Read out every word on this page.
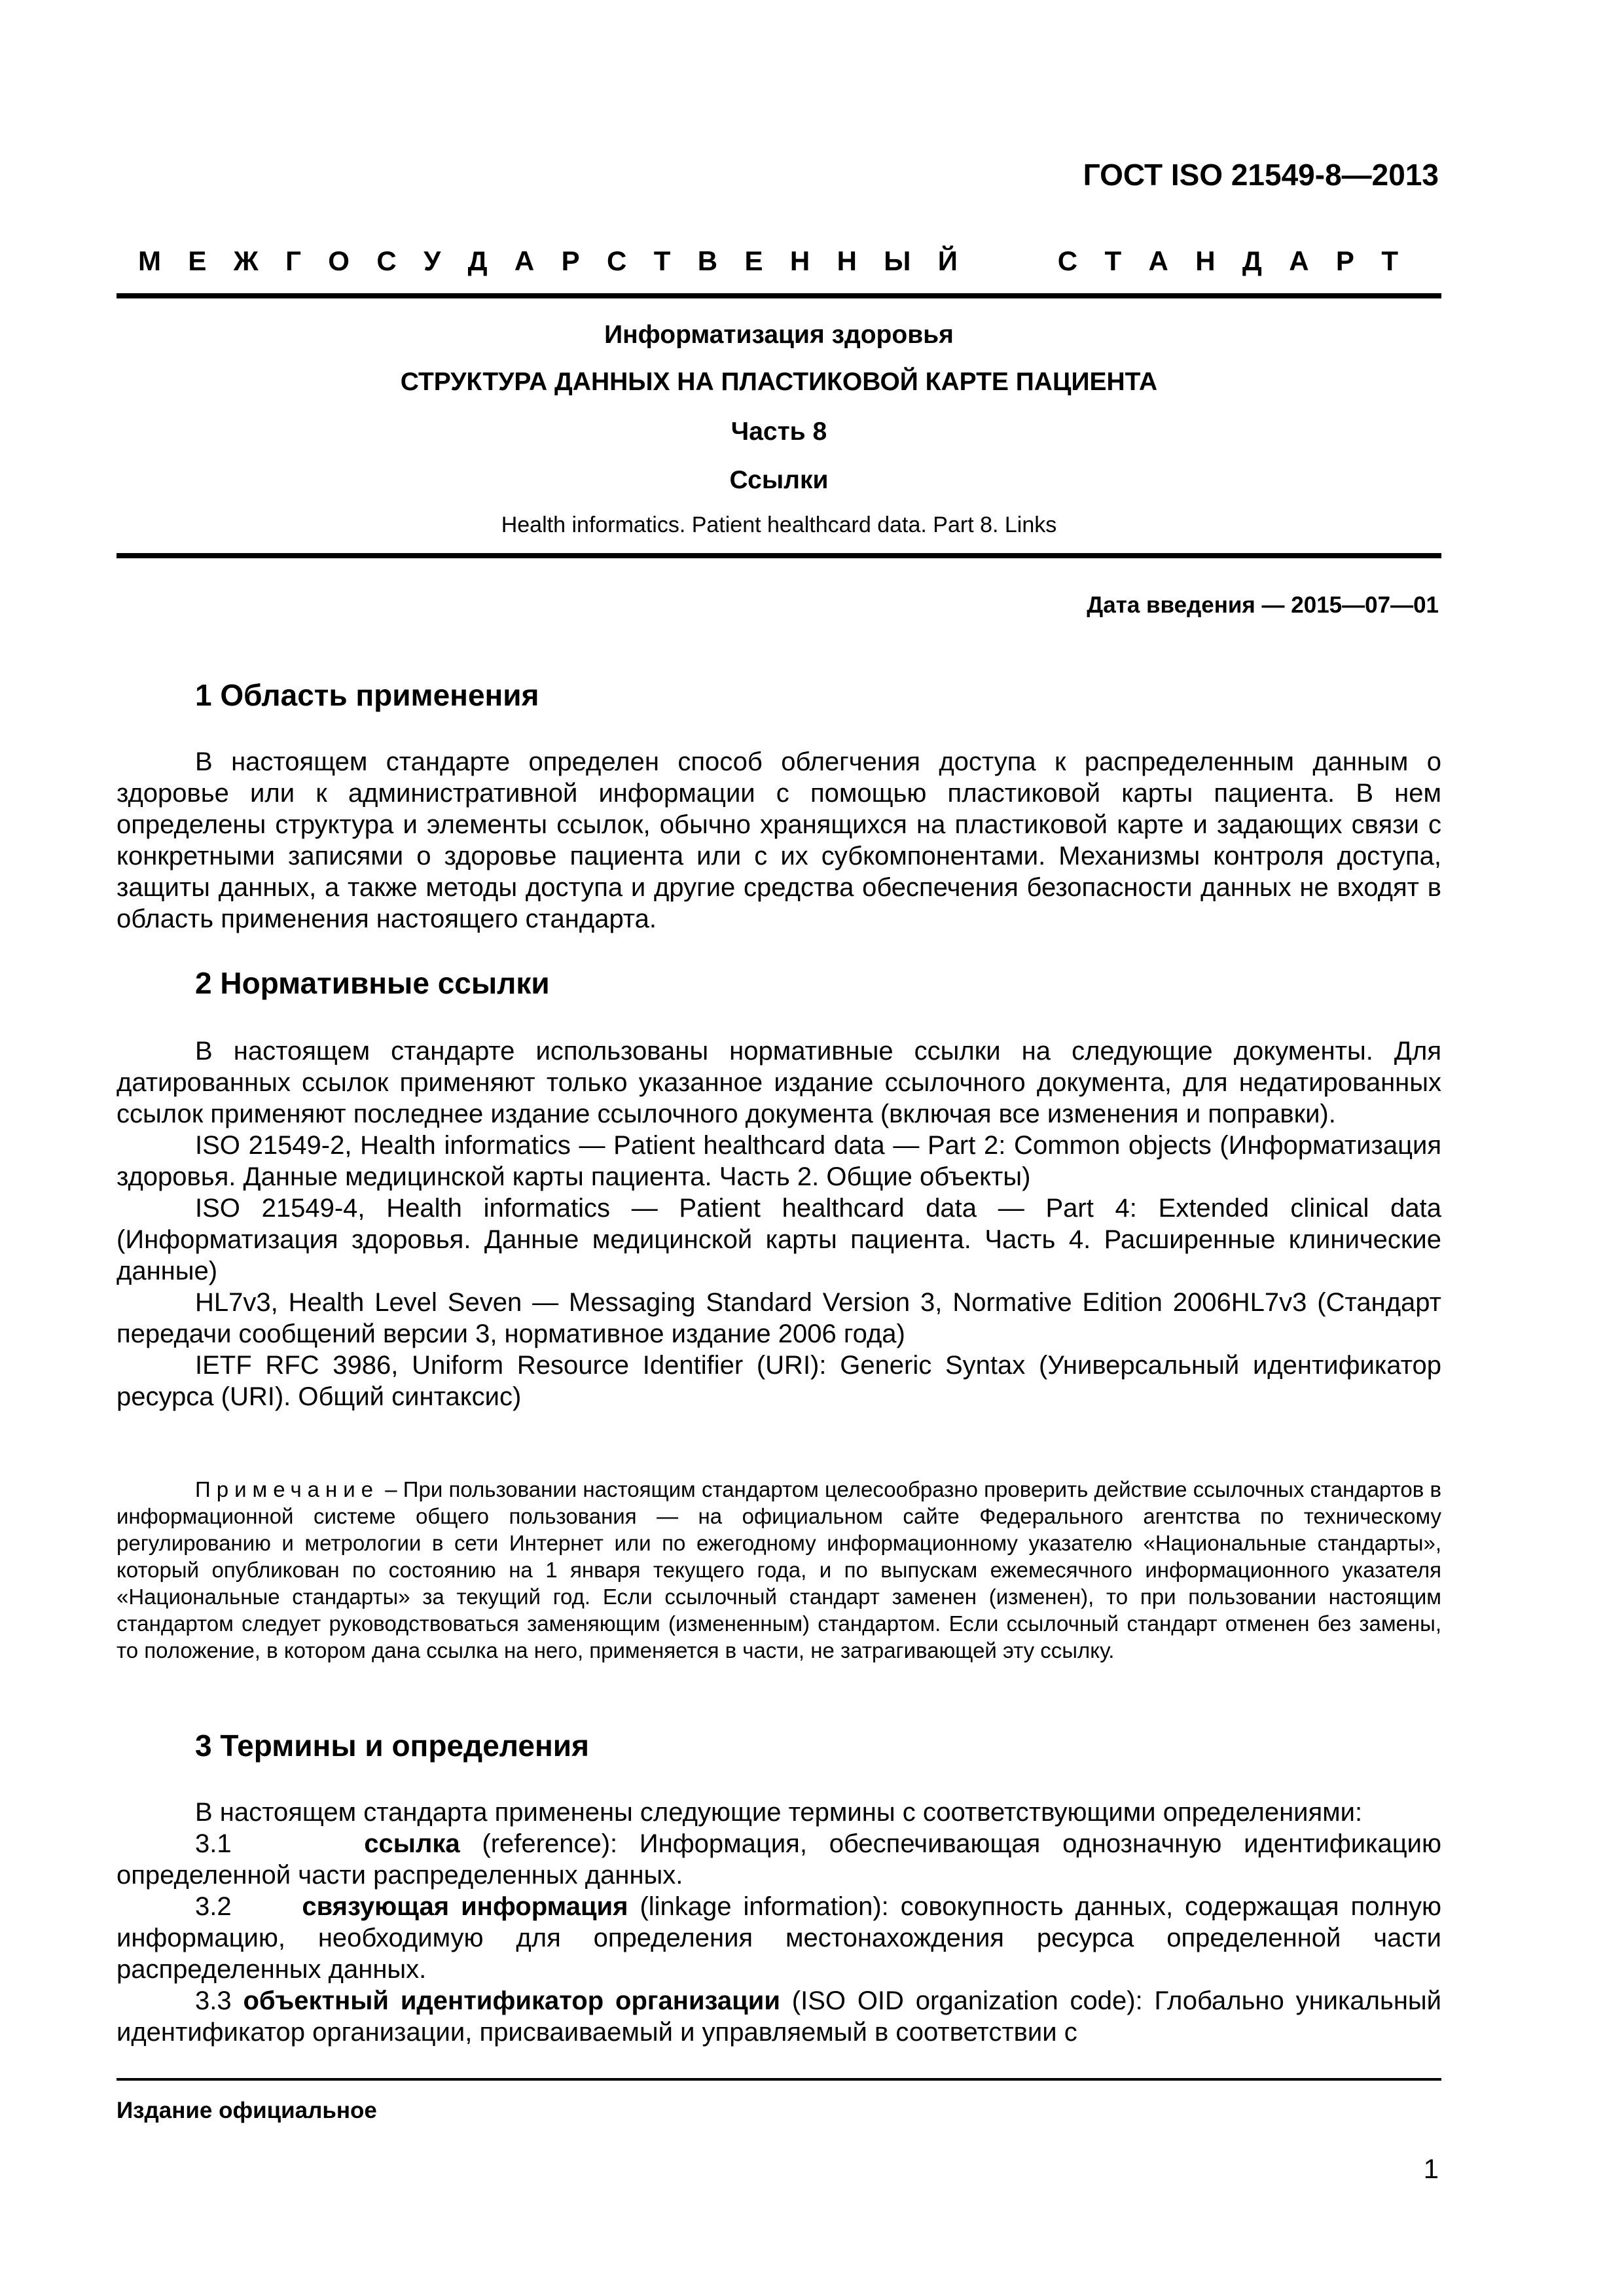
ГОСТ ISO 21549-8—2013
М Е Ж Г О С У Д А Р С Т В Е Н Н Ы Й	С Т А Н Д А Р Т
Информатизация здоровья
СТРУКТУРА ДАННЫХ НА ПЛАСТИКОВОЙ КАРТЕ ПАЦИЕНТА
Часть 8
Ссылки
Health informatics. Patient healthcard data. Part 8. Links
Дата введения — 2015—07—01
1 Область применения

В настоящем стандарте определен способ облегчения доступа к распределенным данным о здоровье или к административной информации с помощью пластиковой карты пациента. В нем определены структура и элементы ссылок, обычно хранящихся на пластиковой карте и задающих связи с конкретными записями о здоровье пациента или с их субкомпонентами. Механизмы контроля доступа, защиты данных, а также методы доступа и другие средства обеспечения безопасности данных не входят в область применения настоящего стандарта.

2 Нормативные ссылки

В настоящем стандарте использованы нормативные ссылки на следующие документы. Для датированных ссылок применяют только указанное издание ссылочного документа, для недатированных ссылок применяют последнее издание ссылочного документа (включая все изменения и поправки).

ISO 21549-2, Health informatics — Patient healthcard data — Part 2: Common objects (Информатизация здоровья. Данные медицинской карты пациента. Часть 2. Общие объекты)

ISO 21549-4, Health informatics — Patient healthcard data — Part 4: Extended clinical data (Информатизация здоровья. Данные медицинской карты пациента. Часть 4. Расширенные клинические данные)

HL7v3, Health Level Seven — Messaging Standard Version 3, Normative Edition 2006HL7v3 (Стандарт передачи сообщений версии 3, нормативное издание 2006 года)

IETF RFC 3986, Uniform Resource Identifier (URI): Generic Syntax (Универсальный идентификатор ресурса (URI). Общий синтаксис)

Примечание – При пользовании настоящим стандартом целесообразно проверить действие ссылочных стандартов в информационной системе общего пользования — на официальном сайте Федерального агентства по техническому регулированию и метрологии в сети Интернет или по ежегодному информационному указателю «Национальные стандарты», который опубликован по состоянию на 1 января текущего года, и по выпускам ежемесячного информационного указателя «Национальные стандарты» за текущий год. Если ссылочный стандарт заменен (изменен), то при пользовании настоящим стандартом следует руководствоваться заменяющим (измененным) стандартом. Если ссылочный стандарт отменен без замены, то положение, в котором дана ссылка на него, применяется в части, не затрагивающей эту ссылку.

3 Термины и определения

В настоящем стандарта применены следующие термины с соответствующими определениями:

3.1	ссылка (reference): Информация, обеспечивающая однозначную идентификацию определенной части распределенных данных.

3.2	связующая информация (linkage information): совокупность данных, содержащая полную информацию, необходимую для определения местонахождения ресурса определенной части распределенных данных.

3.3 объектный идентификатор организации (ISO OID organization code): Глобально уникальный идентификатор организации, присваиваемый и управляемый в соответствии с

Издание официальное
1
